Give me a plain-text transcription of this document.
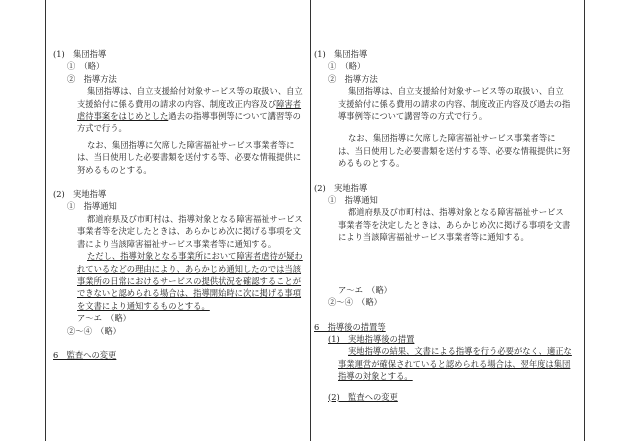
(1)　集団指導
①　（略）
②　指導方法
集団指導は、自立支援給付対象サービス等の取扱い、自立支援給付に係る費用の請求の内容、制度改正内容及び障害者虐待事案をはじめとした過去の指導事例等について講習等の方式で行う。
なお、集団指導に欠席した障害福祉サービス事業者等には、当日使用した必要書類を送付する等、必要な情報提供に努めるものとする。
(2)　実地指導
①　指導通知
都道府県及び市町村は、指導対象となる障害福祉サービス事業者等を決定したときは、あらかじめ次に掲げる事項を文書により当該障害福祉サービス事業者等に通知する。
ただし、指導対象となる事業所において障害者虐待が疑われているなどの理由により、あらかじめ通知したのでは当該事業所の日常におけるサービスの提供状況を確認することができないと認められる場合は、指導開始時に次に掲げる事項を文書により通知するものとする。
ア〜エ　（略）
②〜④　（略）
6　監査への変更
(1)　集団指導
①　（略）
②　指導方法
集団指導は、自立支援給付対象サービス等の取扱い、自立支援給付に係る費用の請求の内容、制度改正内容及び過去の指導事例等について講習等の方式で行う。
なお、集団指導に欠席した障害福祉サービス事業者等には、当日使用した必要書類を送付する等、必要な情報提供に努めるものとする。
(2)　実地指導
①　指導通知
都道府県及び市町村は、指導対象となる障害福祉サービス事業者等を決定したときは、あらかじめ次に掲げる事項を文書により当該障害福祉サービス事業者等に通知する。
ア〜エ　（略）
②〜④　（略）
6　指導後の措置等
(1)　実地指導後の措置
実地指導の結果、文書による指導を行う必要がなく、適正な事業運営が確保されていると認められる場合は、翌年度は集団指導の対象とする。
(2)　監査への変更
